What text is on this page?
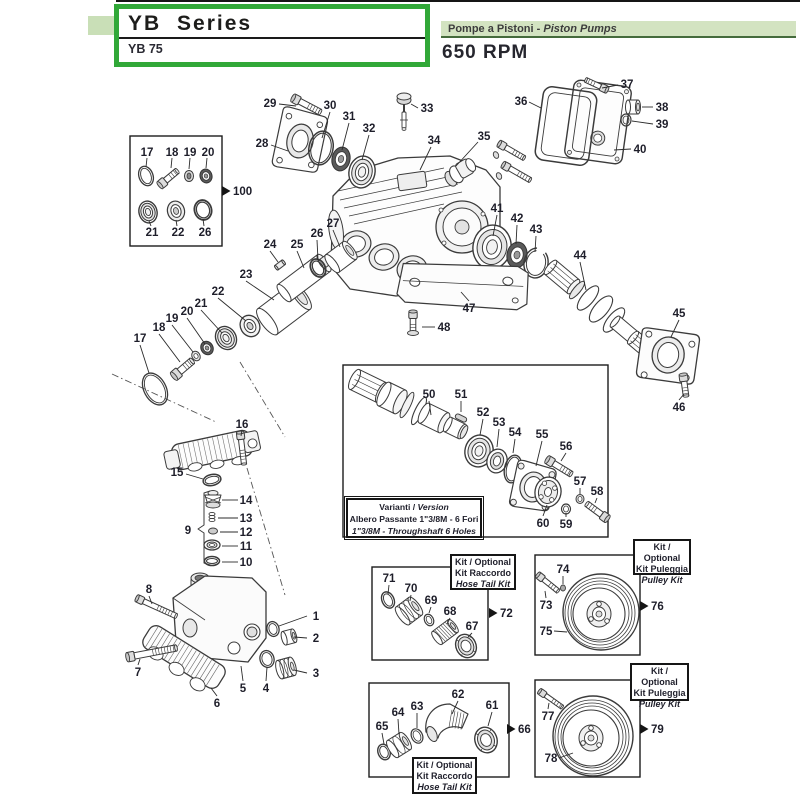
28
29	30
31
32
33
34	35
36
37
38
39
40
41
42
43
44
45
46
47
48
17 18 19 20
21 22 26
17
18
19
20
21
22
23
24 25
26
27
16
15
14
13
12
11
10
9
8
7
6
5 4
3
2
1
50 51
52
53
54 55
56
57
58
59
60
71
70
69
68
67
73
74
75
65
64 63
62
61
77
78
100
72
76
66	79
YB Series
YB 75
Pompe a Pistoni - Piston Pumps
650 RPM
Varianti / Version
Albero Passante 1"3/8M - 6 Fori
1"3/8M - Throughshaft 6 Holes
Kit / Optional
Kit Raccordo
Hose Tail Kit
Kit / Optional
Kit Puleggia
Pulley Kit
Kit / Optional
Kit Raccordo
Hose Tail Kit
Kit / Optional
Kit Puleggia
Pulley Kit
